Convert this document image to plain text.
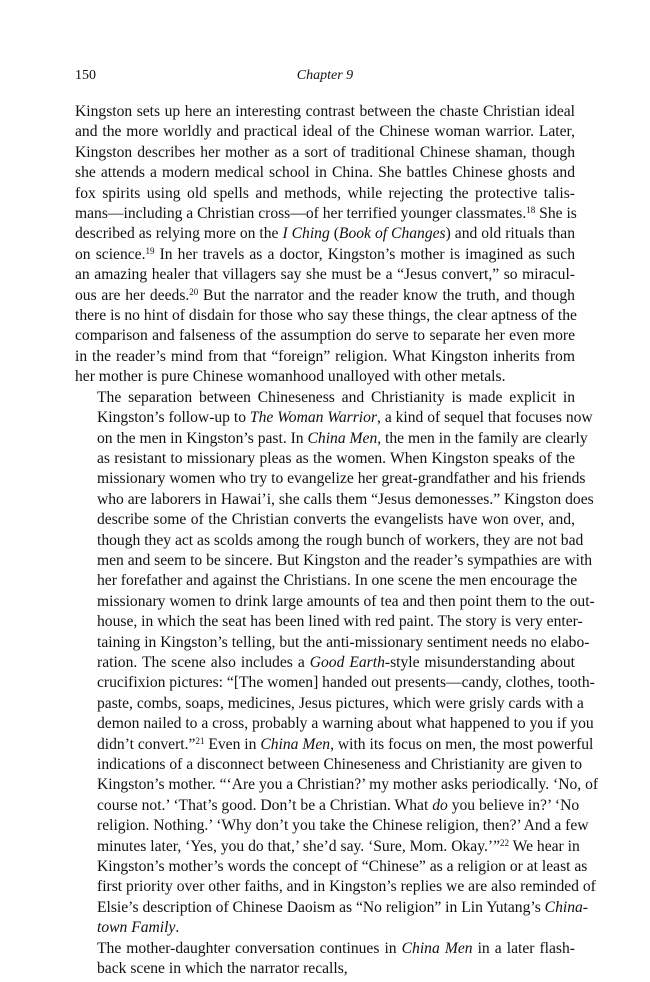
150	Chapter 9

Kingston sets up here an interesting contrast between the chaste Christian ideal
and the more worldly and practical ideal of the Chinese woman warrior. Later,
Kingston describes her mother as a sort of traditional Chinese shaman, though
she attends a modern medical school in China. She battles Chinese ghosts and
fox spirits using old spells and methods, while rejecting the protective talis-
mans—including a Christian cross—of her terrified younger classmates.$^{18}$ She is
described as relying more on the I Ching (Book of Changes) and old rituals than
on science.$^{19}$ In her travels as a doctor, Kingston’s mother is imagined as such
an amazing healer that villagers say she must be a “Jesus convert,” so miracul-
ous are her deeds.$^{20}$ But the narrator and the reader know the truth, and though
there is no hint of disdain for those who say these things, the clear aptness of the
comparison and falseness of the assumption do serve to separate her even more
in the reader’s mind from that “foreign” religion. What Kingston inherits from
her mother is pure Chinese womanhood unalloyed with other metals.

The separation between Chineseness and Christianity is made explicit in
Kingston’s follow-up to The Woman Warrior, a kind of sequel that focuses now
on the men in Kingston’s past. In China Men, the men in the family are clearly
as resistant to missionary pleas as the women. When Kingston speaks of the
missionary women who try to evangelize her great-grandfather and his friends
who are laborers in Hawai’i, she calls them “Jesus demonesses.” Kingston does
describe some of the Christian converts the evangelists have won over, and,
though they act as scolds among the rough bunch of workers, they are not bad
men and seem to be sincere. But Kingston and the reader’s sympathies are with
her forefather and against the Christians. In one scene the men encourage the
missionary women to drink large amounts of tea and then point them to the out-
house, in which the seat has been lined with red paint. The story is very enter-
taining in Kingston’s telling, but the anti-missionary sentiment needs no elabo-
ration. The scene also includes a Good Earth-style misunderstanding about
crucifixion pictures: “[The women] handed out presents—candy, clothes, tooth-
paste, combs, soaps, medicines, Jesus pictures, which were grisly cards with a
demon nailed to a cross, probably a warning about what happened to you if you
didn’t convert.”$^{21}$ Even in China Men, with its focus on men, the most powerful
indications of a disconnect between Chineseness and Christianity are given to
Kingston’s mother. “‘Are you a Christian?’ my mother asks periodically. ‘No, of
course not.’ ‘That’s good. Don’t be a Christian. What do you believe in?’ ‘No
religion. Nothing.’ ‘Why don’t you take the Chinese religion, then?’ And a few
minutes later, ‘Yes, you do that,’ she’d say. ‘Sure, Mom. Okay.’”$^{22}$ We hear in
Kingston’s mother’s words the concept of “Chinese” as a religion or at least as
first priority over other faiths, and in Kingston’s replies we are also reminded of
Elsie’s description of Chinese Daoism as “No religion” in Lin Yutang’s China-
town Family.

The mother-daughter conversation continues in China Men in a later flash-
back scene in which the narrator recalls,
